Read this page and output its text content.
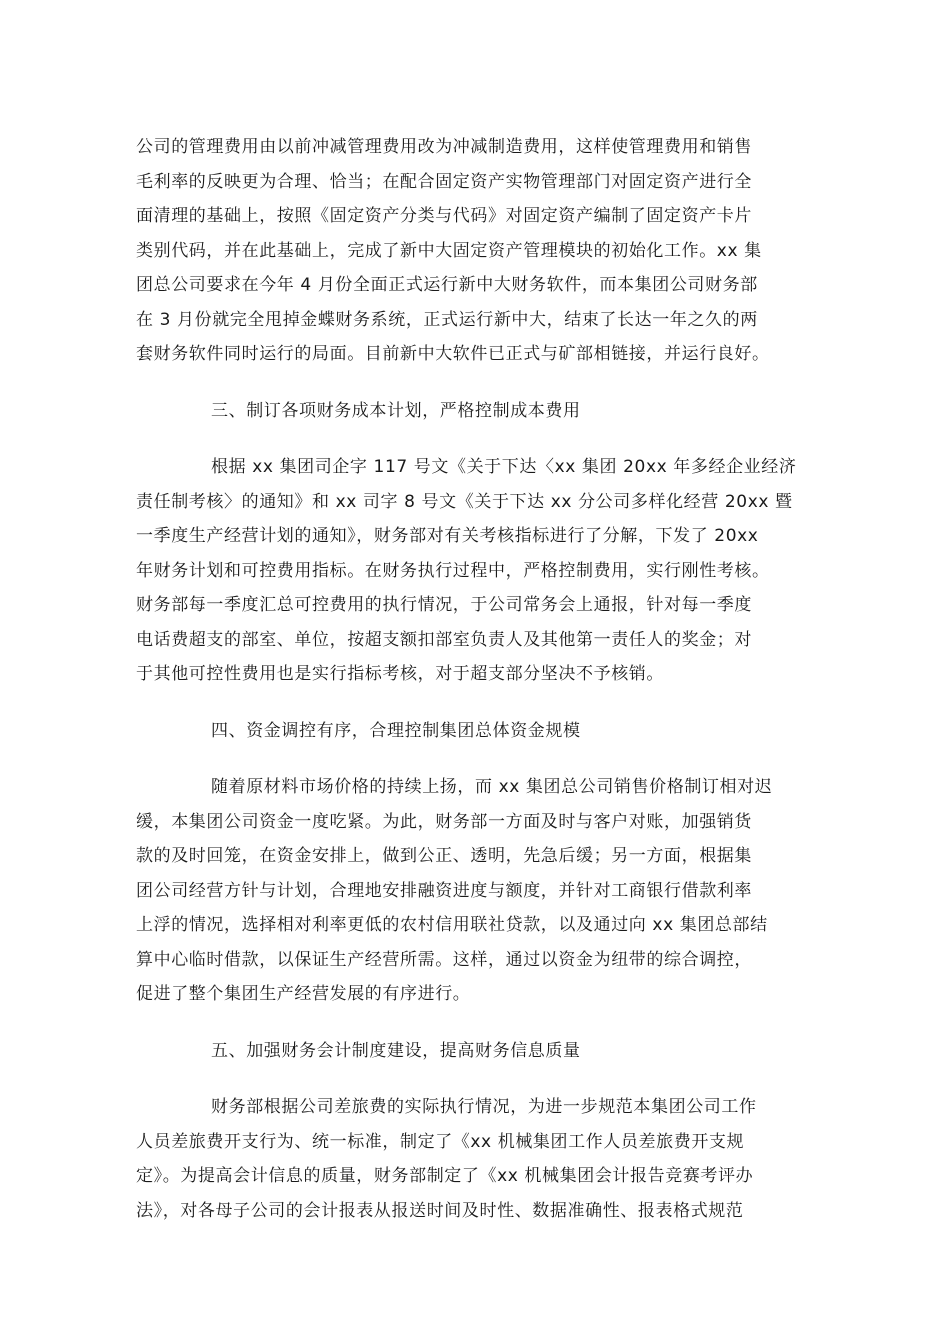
公司的管理费用由以前冲减管理费用改为冲减制造费用，这样使管理费用和销售
毛利率的反映更为合理、恰当；在配合固定资产实物管理部门对固定资产进行全
面清理的基础上，按照《固定资产分类与代码》对固定资产编制了固定资产卡片
类别代码，并在此基础上，完成了新中大固定资产管理模块的初始化工作。xx 集
团总公司要求在今年 4 月份全面正式运行新中大财务软件，而本集团公司财务部
在 3 月份就完全甩掉金蝶财务系统，正式运行新中大，结束了长达一年之久的两
套财务软件同时运行的局面。目前新中大软件已正式与矿部相链接，并运行良好。
三、制订各项财务成本计划，严格控制成本费用
根据 xx 集团司企字 117 号文《关于下达〈xx 集团 20xx 年多经企业经济
责任制考核〉的通知》和 xx 司字 8 号文《关于下达 xx 分公司多样化经营 20xx 暨
一季度生产经营计划的通知》，财务部对有关考核指标进行了分解，下发了 20xx
年财务计划和可控费用指标。在财务执行过程中，严格控制费用，实行刚性考核。
财务部每一季度汇总可控费用的执行情况，于公司常务会上通报，针对每一季度
电话费超支的部室、单位，按超支额扣部室负责人及其他第一责任人的奖金；对
于其他可控性费用也是实行指标考核，对于超支部分坚决不予核销。
四、资金调控有序，合理控制集团总体资金规模
随着原材料市场价格的持续上扬，而 xx 集团总公司销售价格制订相对迟
缓，本集团公司资金一度吃紧。为此，财务部一方面及时与客户对账，加强销货
款的及时回笼，在资金安排上，做到公正、透明，先急后缓；另一方面，根据集
团公司经营方针与计划，合理地安排融资进度与额度，并针对工商银行借款利率
上浮的情况，选择相对利率更低的农村信用联社贷款，以及通过向 xx 集团总部结
算中心临时借款，以保证生产经营所需。这样，通过以资金为纽带的综合调控，
促进了整个集团生产经营发展的有序进行。
五、加强财务会计制度建设，提高财务信息质量
财务部根据公司差旅费的实际执行情况，为进一步规范本集团公司工作
人员差旅费开支行为、统一标准，制定了《xx 机械集团工作人员差旅费开支规
定》。为提高会计信息的质量，财务部制定了《xx 机械集团会计报告竞赛考评办
法》，对各母子公司的会计报表从报送时间及时性、数据准确性、报表格式规范
